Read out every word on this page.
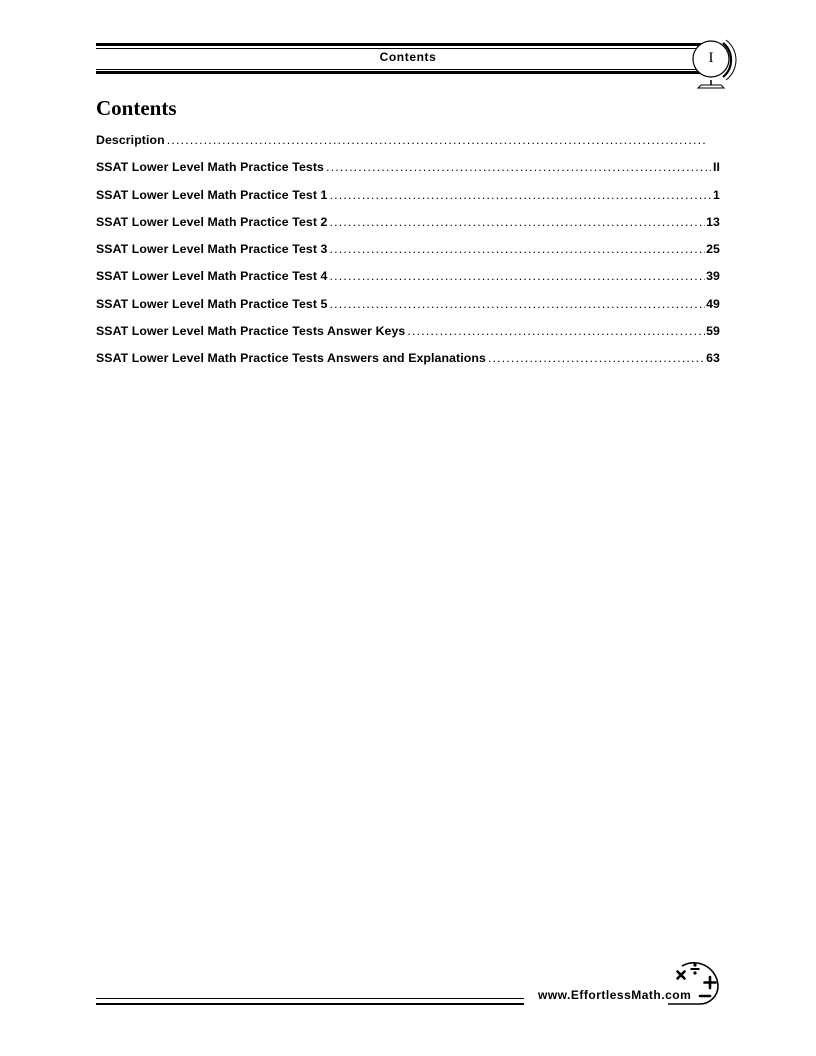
Contents	I
Contents
Description
.....
SSAT Lower Level Math Practice Tests .....	II
SSAT Lower Level Math Practice Test 1 .....	1
SSAT Lower Level Math Practice Test 2 .....	13
SSAT Lower Level Math Practice Test 3 .....	25
SSAT Lower Level Math Practice Test 4 .....	39
SSAT Lower Level Math Practice Test 5 .....	49
SSAT Lower Level Math Practice Tests Answer Keys .....	59
SSAT Lower Level Math Practice Tests Answers and Explanations .....	63
www.EffortlessMath.com
